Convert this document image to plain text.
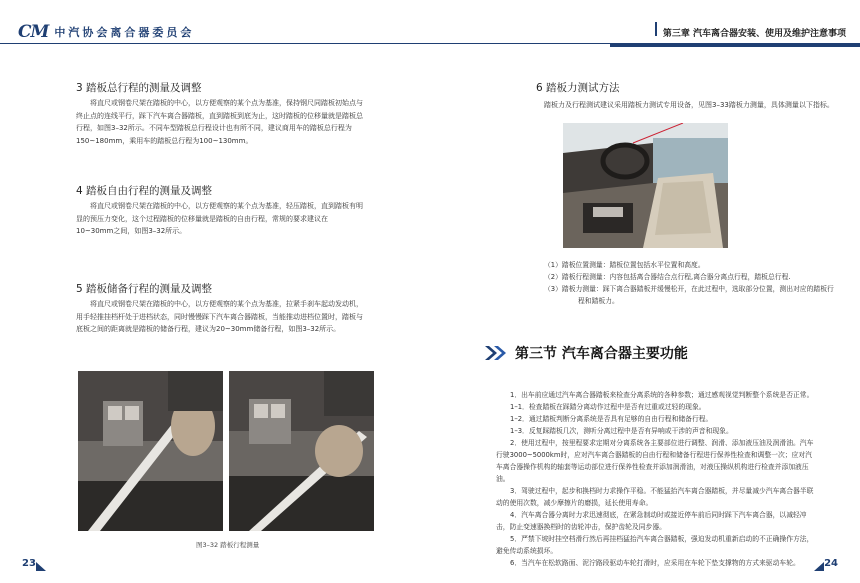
CM 中汽协会离合器委员会	第三章 汽车离合器安装、使用及维护注意事项
3 踏板总行程的测量及调整

将直尺或钢卷尺架在踏板的中心，以方便观察的某个点为基准，保持钢尺同踏板初始点与终止点的连线平行，踩下汽车离合器踏板，直到踏板到底为止，这时踏板的位移量就是踏板总行程，如图3–32所示。不同车型踏板总行程设计也有所不同，建议商用车的踏板总行程为150~180mm，乘用车的踏板总行程为100~130mm。

4 踏板自由行程的测量及调整

将直尺或钢卷尺架在踏板的中心，以方便观察的某个点为基准，轻压踏板，直到踏板有明显的预压力变化，这个过程踏板的位移量就是踏板的自由行程，常规的要求建议在10~30mm之间，如图3–32所示。

5 踏板储备行程的测量及调整

将直尺或钢卷尺架在踏板的中心，以方便观察的某个点为基准，拉紧手刹车起动发动机，用手轻推挂档杆处于进档状态，同时慢慢踩下汽车离合器踏板，当能推动进档位置时，踏板与底板之间的距离就是踏板的储备行程，建议为20~30mm储备行程，如图3–32所示。

图3–32 踏板行程测量
23
6 踏板力测试方法

踏板力及行程测试建议采用踏板力测试专用设备，见图3–33踏板力测量，具体测量以下指标。

（1）踏板位置测量：踏板位置包括水平位置和高度。

（2）踏板行程测量：内容包括离合器结合点行程,离合器分离点行程，踏板总行程.

（3）踏板力测量：踩下离合器踏板并缓慢松开，在此过程中，选取部分位置，测出对应的踏板行程和踏板力。

第三节 汽车离合器主要功能

1．出车前应通过汽车离合器踏板来检查分离系统的各种参数；通过感观视觉判断整个系统是否正常。

1–1．检查踏板在踩踏分离动作过程中是否有过重或过轻的现象。

1–2．通过踏板判断分离系统是否具有足够的自由行程和储备行程。

1–3．反复踩踏板几次，测听分离过程中是否有异响或干涉的声音和现象。

2．使用过程中，按里程要求定期对分离系统各主要部位进行调整、润滑、添加液压油及润滑油。汽车行驶3000~5000km时，应对汽车离合器踏板的自由行程和储备行程进行保养性检查和调整一次；应对汽车离合器操作机构的轴套等运动部位进行保养性检查并添加润滑油，对液压操纵机构进行检查并添加液压油。

3．驾驶过程中，起步和换档时力求操作平稳。不能猛抬汽车离合器踏板，并尽量减少汽车离合器半联动的使用次数，减少摩擦片的磨损，延长使用寿命。

4．汽车离合器分离时力求迅速彻底，在紧急制动时或接近停车前后同时踩下汽车离合器，以减轻冲击，防止变速器换档时的齿轮冲击，保护齿轮及同步器。

5．严禁下坡时挂空档滑行然后再挂档猛抬汽车离合器踏板，强迫发动机重新启动的不正确操作方法，避免传动系统损坏。

6．当汽车在松软路面、泥泞路段驱动车轮打滑时，应采用在车轮下垫支撑物的方式来驱动车轮。	24
